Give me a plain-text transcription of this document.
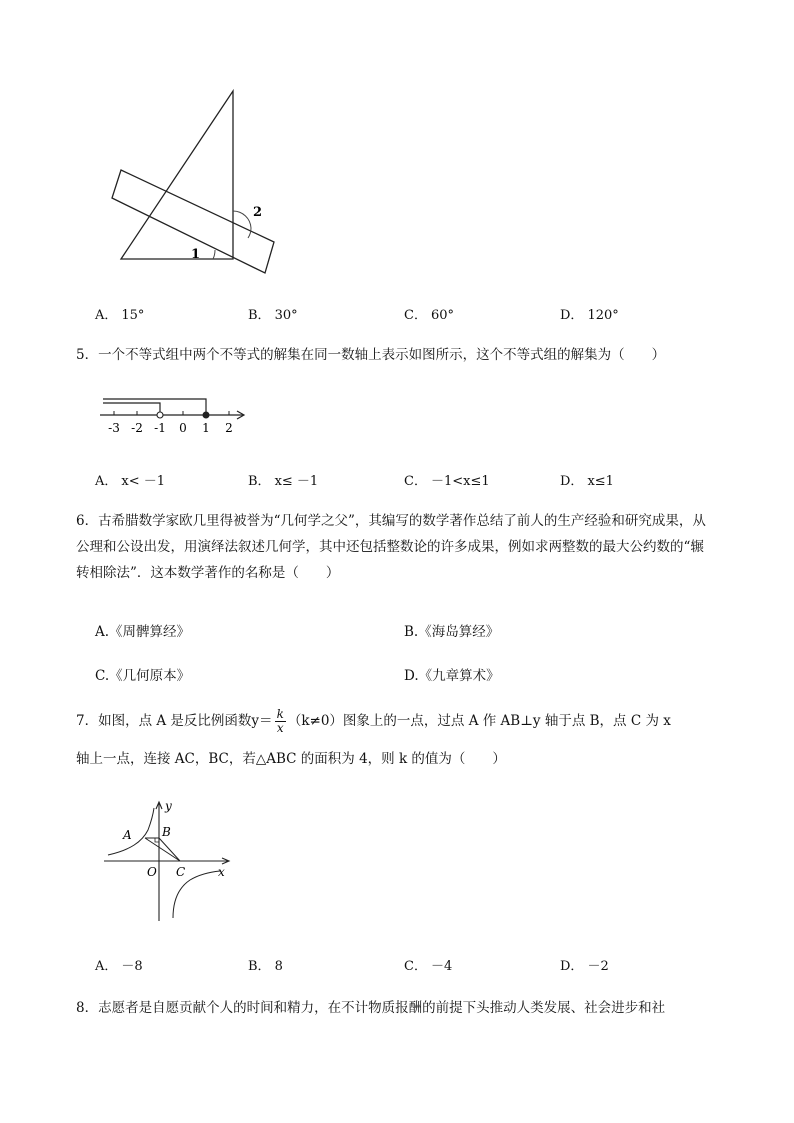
1
2
A． 15°	B． 30°	C． 60°	D． 120°
5．一个不等式组中两个不等式的解集在同一数轴上表示如图所示，这个不等式组的解集为（　　）
-3 -2 -1 0 1 2
A． x< －1	B． x≤ －1	C． －1<x≤1	D． x≤1
6．古希腊数学家欧几里得被誉为“几何学之父”，其编写的数学著作总结了前人的生产经验和研究成果，从公理和公设出发，用演绎法叙述几何学，其中还包括整数论的许多成果，例如求两整数的最大公约数的“辗转相除法”．这本数学著作的名称是（　　）
A.《周髀算经》	B.《海岛算经》
C.《几何原本》	D.《九章算术》
7．如图，点 A 是反比例函数$y= \frac{k}{x} (k\ne 0)$图象上的一点，过点 A 作 AB⊥y 轴于点 B，点 C 为 x
轴上一点，连接 AC，BC，若△ABC 的面积为 4，则 k 的值为（　　）
y
x
A	B
O C
A． －8	B． 8	C． －4	D． －2
8．志愿者是自愿贡献个人的时间和精力，在不计物质报酬的前提下头推动人类发展、社会进步和社
